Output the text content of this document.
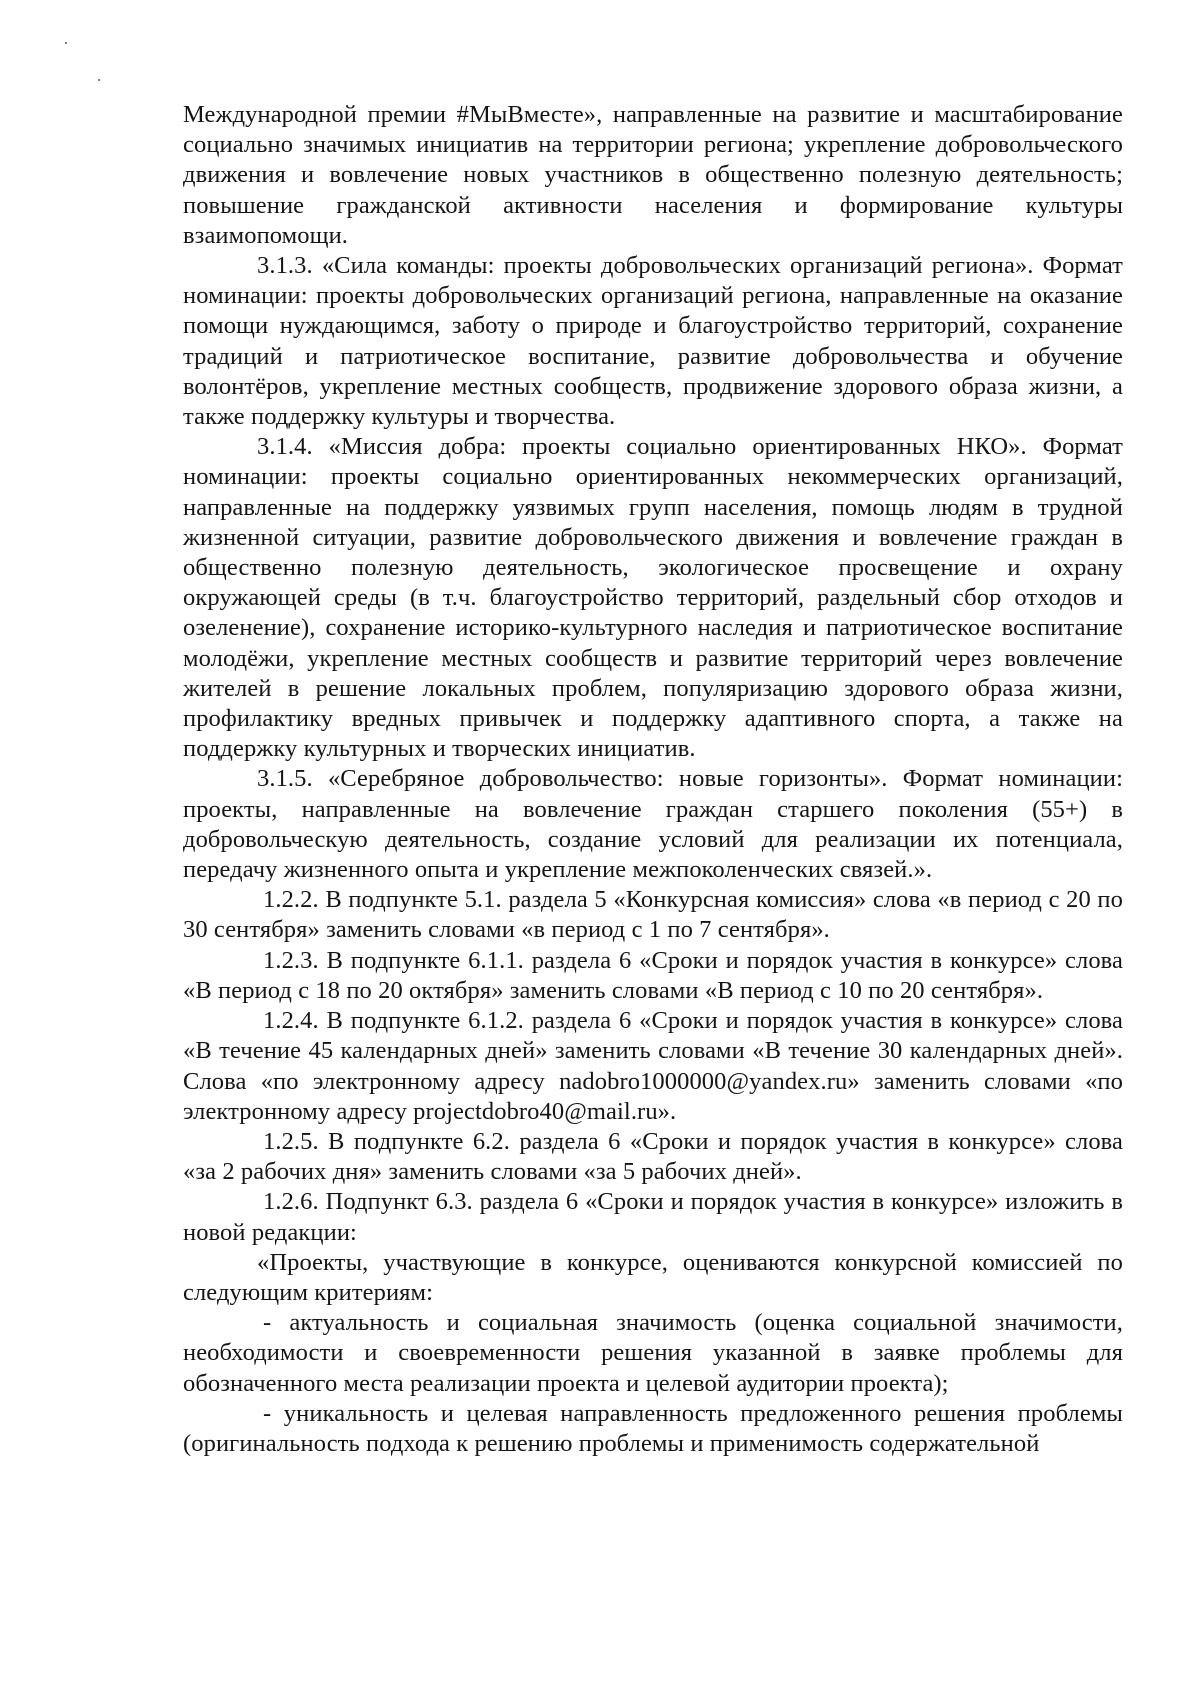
Международной премии #МыВместе», направленные на развитие и масштабирование социально значимых инициатив на территории региона; укрепление добровольческого движения и вовлечение новых участников в общественно полезную деятельность; повышение гражданской активности населения и формирование культуры взаимопомощи.

3.1.3. «Сила команды: проекты добровольческих организаций региона». Формат номинации: проекты добровольческих организаций региона, направленные на оказание помощи нуждающимся, заботу о природе и благоустройство территорий, сохранение традиций и патриотическое воспитание, развитие добровольчества и обучение волонтёров, укрепление местных сообществ, продвижение здорового образа жизни, а также поддержку культуры и творчества.

3.1.4. «Миссия добра: проекты социально ориентированных НКО». Формат номинации: проекты социально ориентированных некоммерческих организаций, направленные на поддержку уязвимых групп населения, помощь людям в трудной жизненной ситуации, развитие добровольческого движения и вовлечение граждан в общественно полезную деятельность, экологическое просвещение и охрану окружающей среды (в т.ч. благоустройство территорий, раздельный сбор отходов и озеленение), сохранение историко-культурного наследия и патриотическое воспитание молодёжи, укрепление местных сообществ и развитие территорий через вовлечение жителей в решение локальных проблем, популяризацию здорового образа жизни, профилактику вредных привычек и поддержку адаптивного спорта, а также на поддержку культурных и творческих инициатив.

3.1.5. «Серебряное добровольчество: новые горизонты». Формат номинации: проекты, направленные на вовлечение граждан старшего поколения (55+) в добровольческую деятельность, создание условий для реализации их потенциала, передачу жизненного опыта и укрепление межпоколенческих связей.».

1.2.2. В подпункте 5.1. раздела 5 «Конкурсная комиссия» слова «в период с 20 по 30 сентября» заменить словами «в период с 1 по 7 сентября».

1.2.3. В подпункте 6.1.1. раздела 6 «Сроки и порядок участия в конкурсе» слова «В период с 18 по 20 октября» заменить словами «В период с 10 по 20 сентября».

1.2.4. В подпункте 6.1.2. раздела 6 «Сроки и порядок участия в конкурсе» слова «В течение 45 календарных дней» заменить словами «В течение 30 календарных дней». Слова «по электронному адресу nadobro1000000@yandex.ru» заменить словами «по электронному адресу projectdobro40@mail.ru».

1.2.5. В подпункте 6.2. раздела 6 «Сроки и порядок участия в конкурсе» слова «за 2 рабочих дня» заменить словами «за 5 рабочих дней».

1.2.6. Подпункт 6.3. раздела 6 «Сроки и порядок участия в конкурсе» изложить в новой редакции:

«Проекты, участвующие в конкурсе, оцениваются конкурсной комиссией по следующим критериям:

- актуальность и социальная значимость (оценка социальной значимости, необходимости и своевременности решения указанной в заявке проблемы для обозначенного места реализации проекта и целевой аудитории проекта);

- уникальность и целевая направленность предложенного решения проблемы (оригинальность подхода к решению проблемы и применимость содержательной
